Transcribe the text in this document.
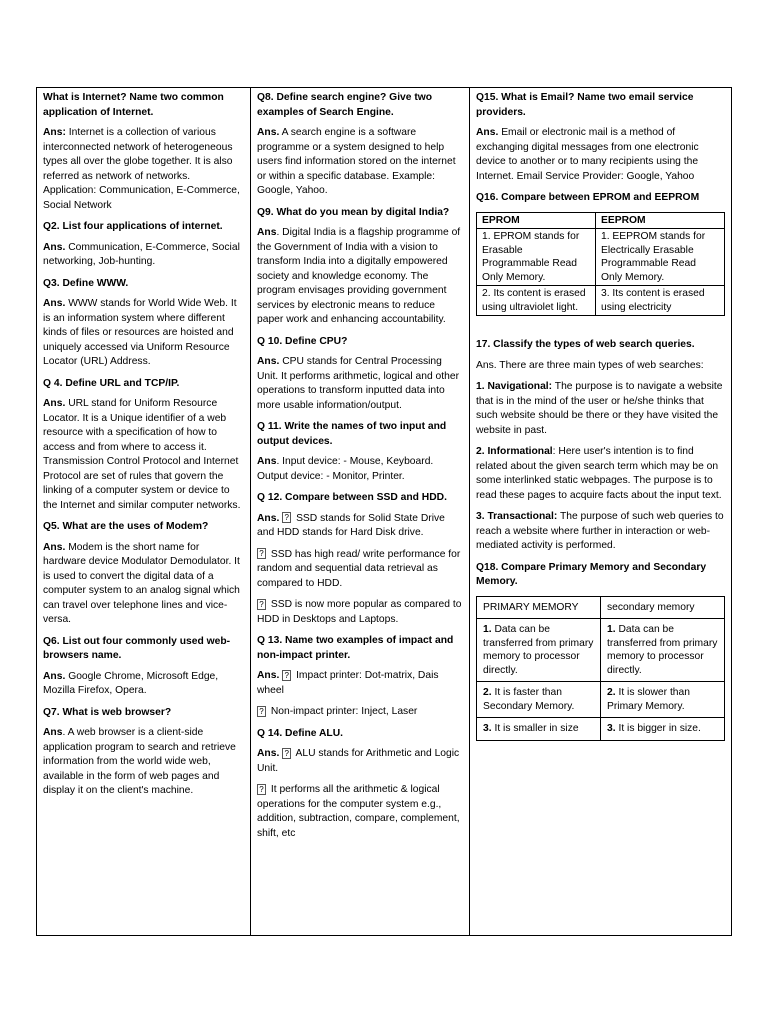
What is Internet? Name two common application of Internet.

Ans: Internet is a collection of various interconnected network of heterogeneous types all over the globe together. It is also referred as network of networks. Application: Communication, E-Commerce, Social Network

Q2. List four applications of internet.

Ans. Communication, E-Commerce, Social networking, Job-hunting.

Q3. Define WWW.

Ans. WWW stands for World Wide Web. It is an information system where different kinds of files or resources are hoisted and uniquely accessed via Uniform Resource Locator (URL) Address.

Q 4. Define URL and TCP/IP.

Ans. URL stand for Uniform Resource Locator. It is a Unique identifier of a web resource with a specification of how to access and from where to access it. Transmission Control Protocol and Internet Protocol are set of rules that govern the linking of a computer system or device to the Internet and similar computer networks.

Q5. What are the uses of Modem?

Ans. Modem is the short name for hardware device Modulator Demodulator. It is used to convert the digital data of a computer system to an analog signal which can travel over telephone lines and vice-versa.

Q6. List out four commonly used web-browsers name.

Ans. Google Chrome, Microsoft Edge, Mozilla Firefox, Opera.

Q7. What is web browser?

Ans. A web browser is a client-side application program to search and retrieve information from the world wide web, available in the form of web pages and display it on the client's machine.

Q8. Define search engine? Give two examples of Search Engine.

Ans. A search engine is a software programme or a system designed to help users find information stored on the internet or within a specific database. Example: Google, Yahoo.

Q9. What do you mean by digital India?

Ans. Digital India is a flagship programme of the Government of India with a vision to transform India into a digitally empowered society and knowledge economy. The program envisages providing government services by electronic means to reduce paper work and enhancing accountability.

Q 10. Define CPU?

Ans. CPU stands for Central Processing Unit. It performs arithmetic, logical and other operations to transform inputted data into more usable information/output.

Q 11. Write the names of two input and output devices.

Ans. Input device: - Mouse, Keyboard. Output device: - Monitor, Printer.

Q 12. Compare between SSD and HDD.

Ans. ? SSD stands for Solid State Drive and HDD stands for Hard Disk drive.

? SSD has high read/ write performance for random and sequential data retrieval as compared to HDD.

? SSD is now more popular as compared to HDD in Desktops and Laptops.

Q 13. Name two examples of impact and non-impact printer.

Ans. ? Impact printer: Dot-matrix, Dais wheel

? Non-impact printer: Inject, Laser

Q 14. Define ALU.

Ans. ? ALU stands for Arithmetic and Logic Unit.

? It performs all the arithmetic & logical operations for the computer system e.g., addition, subtraction, compare, complement, shift, etc

Q15. What is Email? Name two email service providers.

Ans. Email or electronic mail is a method of exchanging digital messages from one electronic device to another or to many recipients using the Internet. Email Service Provider: Google, Yahoo

Q16. Compare between EPROM and EEPROM

EPROM	EEPROM
1. EPROM stands for Erasable Programmable Read Only Memory.	1. EEPROM stands for Electrically Erasable Programmable Read Only Memory.
2. Its content is erased using ultraviolet light.	3. Its content is erased using electricity

17. Classify the types of web search queries.

Ans. There are three main types of web searches:

1. Navigational: The purpose is to navigate a website that is in the mind of the user or he/she thinks that such website should be there or they have visited the website in past.

2. Informational: Here user's intention is to find related about the given search term which may be on some interlinked static webpages. The purpose is to read these pages to acquire facts about the input text.

3. Transactional: The purpose of such web queries to reach a website where further in interaction or web-mediated activity is performed.

Q18. Compare Primary Memory and Secondary Memory.

PRIMARY MEMORY	secondary memory
1. Data can be transferred from primary memory to processor directly.	1. Data can be transferred from primary memory to processor directly.
2. It is faster than Secondary Memory.	2. It is slower than Primary Memory.
3. It is smaller in size	3. It is bigger in size.
